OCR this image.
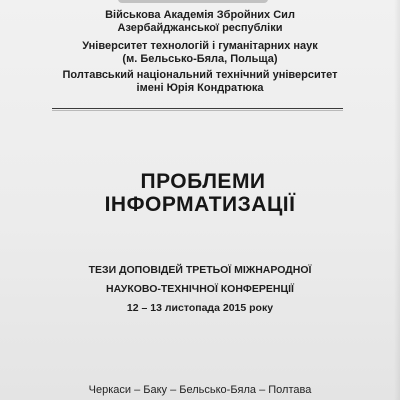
Військова Академія Збройних Сил
Азербайджанської республіки
Університет технологій і гуманітарних наук
(м. Бельсько-Бяла, Польща)
Полтавський національний технічний університет
імені Юрія Кондратюка
ПРОБЛЕМИ
ІНФОРМАТИЗАЦІЇ
ТЕЗИ ДОПОВІДЕЙ ТРЕТЬОЇ МІЖНАРОДНОЇ
НАУКОВО-ТЕХНІЧНОЇ КОНФЕРЕНЦІЇ
12 – 13 листопада 2015 року
Черкаси – Баку – Бельсько-Бяла – Полтава
